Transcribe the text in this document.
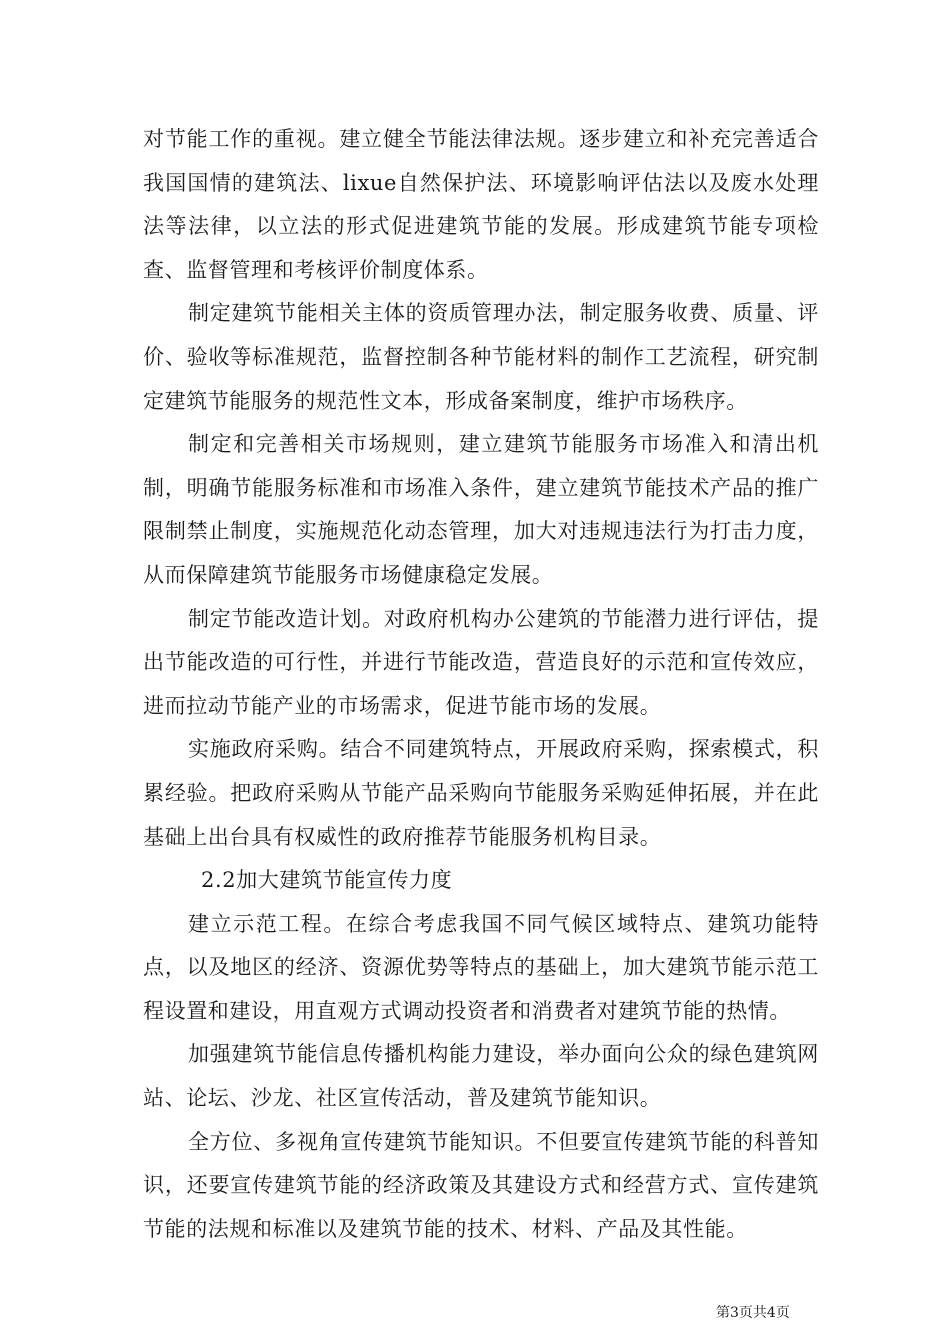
对节能工作的重视。建立健全节能法律法规。逐步建立和补充完善适合我国国情的建筑法、lixue自然保护法、环境影响评估法以及废水处理法等法律，以立法的形式促进建筑节能的发展。形成建筑节能专项检查、监督管理和考核评价制度体系。

制定建筑节能相关主体的资质管理办法，制定服务收费、质量、评价、验收等标准规范，监督控制各种节能材料的制作工艺流程，研究制定建筑节能服务的规范性文本，形成备案制度，维护市场秩序。

制定和完善相关市场规则，建立建筑节能服务市场准入和清出机制，明确节能服务标准和市场准入条件，建立建筑节能技术产品的推广限制禁止制度，实施规范化动态管理，加大对违规违法行为打击力度，从而保障建筑节能服务市场健康稳定发展。

制定节能改造计划。对政府机构办公建筑的节能潜力进行评估，提出节能改造的可行性，并进行节能改造，营造良好的示范和宣传效应，进而拉动节能产业的市场需求，促进节能市场的发展。

实施政府采购。结合不同建筑特点，开展政府采购，探索模式，积累经验。把政府采购从节能产品采购向节能服务采购延伸拓展，并在此基础上出台具有权威性的政府推荐节能服务机构目录。

2.2加大建筑节能宣传力度

建立示范工程。在综合考虑我国不同气候区域特点、建筑功能特点，以及地区的经济、资源优势等特点的基础上，加大建筑节能示范工程设置和建设，用直观方式调动投资者和消费者对建筑节能的热情。

加强建筑节能信息传播机构能力建设，举办面向公众的绿色建筑网站、论坛、沙龙、社区宣传活动，普及建筑节能知识。

全方位、多视角宣传建筑节能知识。不但要宣传建筑节能的科普知识，还要宣传建筑节能的经济政策及其建设方式和经营方式、宣传建筑节能的法规和标准以及建筑节能的技术、材料、产品及其性能。

第3页共4页
